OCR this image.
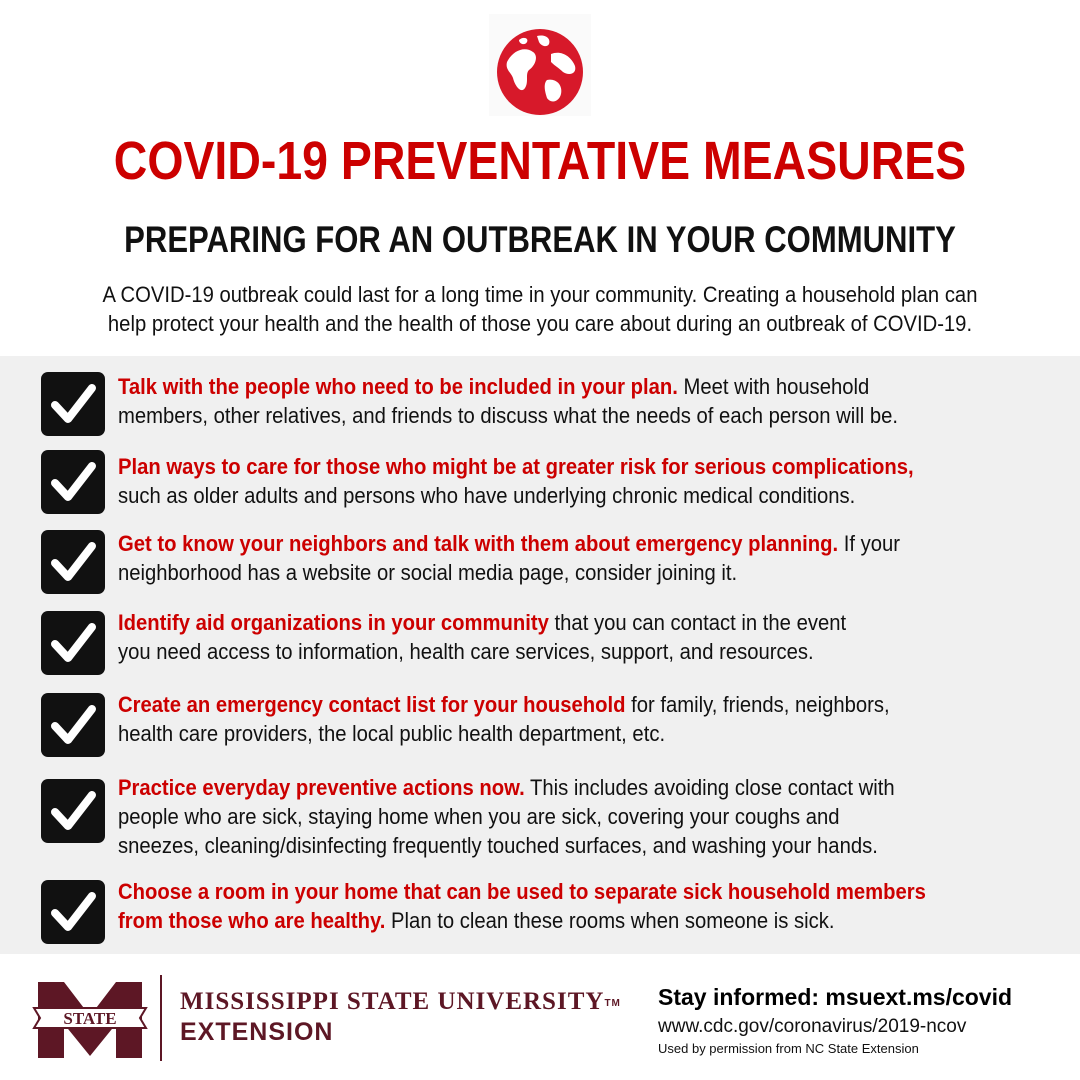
COVID-19 PREVENTATIVE MEASURES
PREPARING FOR AN OUTBREAK IN YOUR COMMUNITY
A COVID-19 outbreak could last for a long time in your community. Creating a household plan can
help protect your health and the health of those you care about during an outbreak of COVID-19.
Talk with the people who need to be included in your plan. Meet with household
members, other relatives, and friends to discuss what the needs of each person will be.
Plan ways to care for those who might be at greater risk for serious complications,
such as older adults and persons who have underlying chronic medical conditions.
Get to know your neighbors and talk with them about emergency planning. If your
neighborhood has a website or social media page, consider joining it.
Identify aid organizations in your community that you can contact in the event
you need access to information, health care services, support, and resources.
Create an emergency contact list for your household for family, friends, neighbors,
health care providers, the local public health department, etc.
Practice everyday preventive actions now. This includes avoiding close contact with
people who are sick, staying home when you are sick, covering your coughs and
sneezes, cleaning/disinfecting frequently touched surfaces, and washing your hands.
Choose a room in your home that can be used to separate sick household members
from those who are healthy. Plan to clean these rooms when someone is sick.
STATE
MISSISSIPPI STATE UNIVERSITYTM
EXTENSION
Stay informed: msuext.ms/covid
www.cdc.gov/coronavirus/2019-ncov
Used by permission from NC State Extension
